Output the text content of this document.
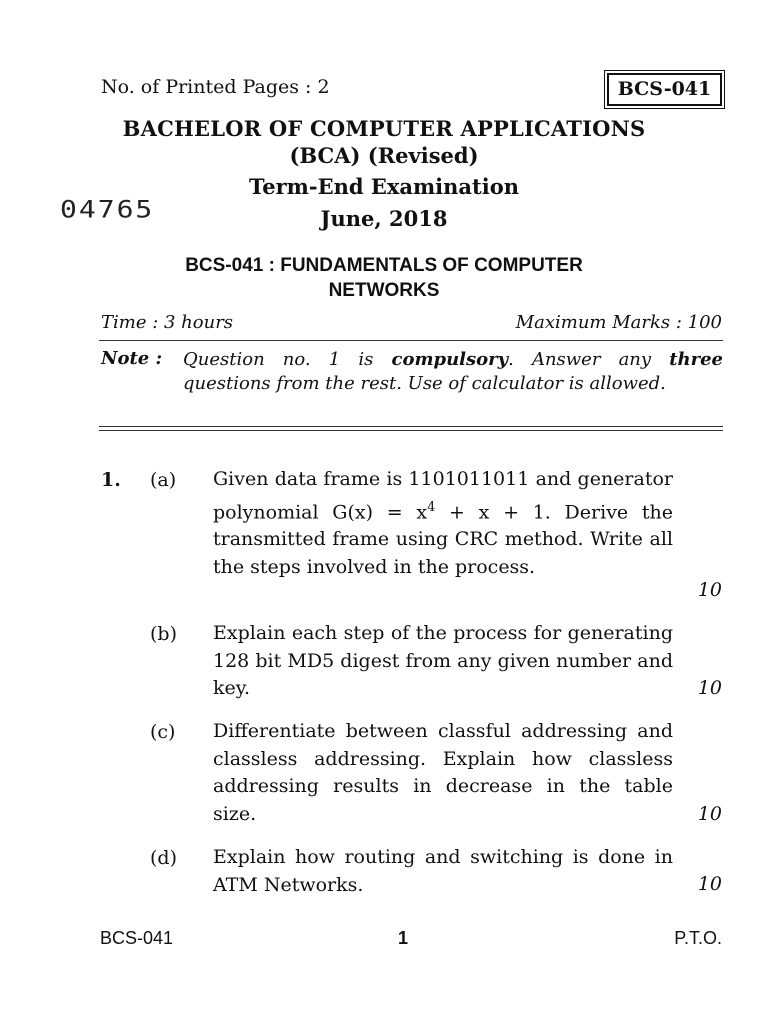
No. of Printed Pages : 2	BCS-041
BACHELOR OF COMPUTER APPLICATIONS
(BCA) (Revised)
Term-End Examination
June, 2018
04765
BCS-041 : FUNDAMENTALS OF COMPUTER
NETWORKS
Time : 3 hours	Maximum Marks : 100
Note : Question no. 1 is compulsory. Answer any three questions from the rest. Use of calculator is allowed.
1. (a) Given data frame is 1101011011 and generator polynomial $G(x) = x^4 + x + 1$. Derive the transmitted frame using CRC method. Write all the steps involved in the process.
10
(b) Explain each step of the process for generating 128 bit MD5 digest from any given number and key.	10
(c) Differentiate between classful addressing and classless addressing. Explain how classless addressing results in decrease in the table size.	10
(d) Explain how routing and switching is done in ATM Networks.	10
BCS-041	1	P.T.O.
